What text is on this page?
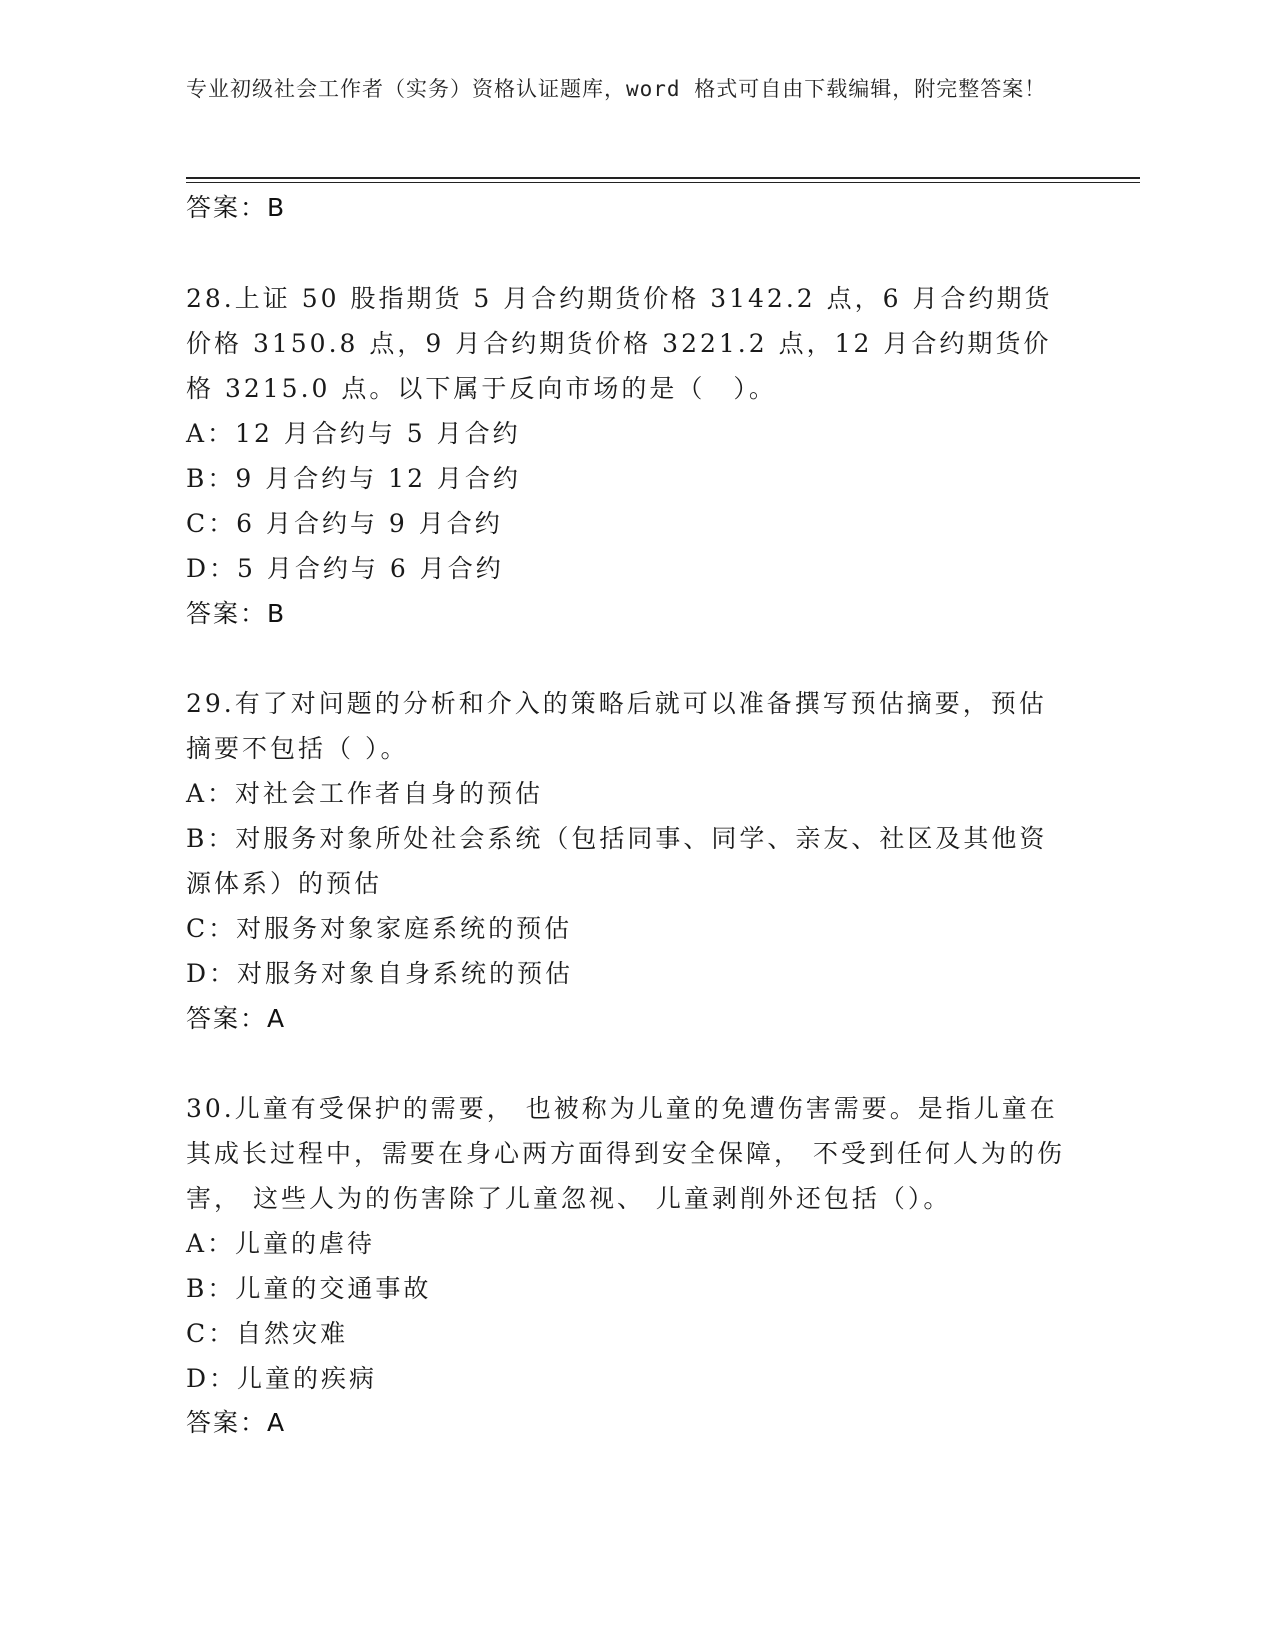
专业初级社会工作者（实务）资格认证题库，word 格式可自由下载编辑，附完整答案！
答案：B

28.上证 50 股指期货 5 月合约期货价格 3142.2 点，6 月合约期货价格 3150.8 点，9 月合约期货价格 3221.2 点，12 月合约期货价格 3215.0 点。以下属于反向市场的是（　）。

A：12 月合约与 5 月合约

B：9 月合约与 12 月合约

C：6 月合约与 9 月合约

D：5 月合约与 6 月合约

答案：B

29.有了对问题的分析和介入的策略后就可以准备撰写预估摘要，预估摘要不包括（ ）。

A：对社会工作者自身的预估

B：对服务对象所处社会系统（包括同事、同学、亲友、社区及其他资源体系）的预估

C：对服务对象家庭系统的预估

D：对服务对象自身系统的预估

答案：A

30.儿童有受保护的需要， 也被称为儿童的免遭伤害需要。是指儿童在其成长过程中，需要在身心两方面得到安全保障， 不受到任何人为的伤害， 这些人为的伤害除了儿童忽视、 儿童剥削外还包括（）。

A：儿童的虐待

B：儿童的交通事故

C：自然灾难

D：儿童的疾病

答案：A
